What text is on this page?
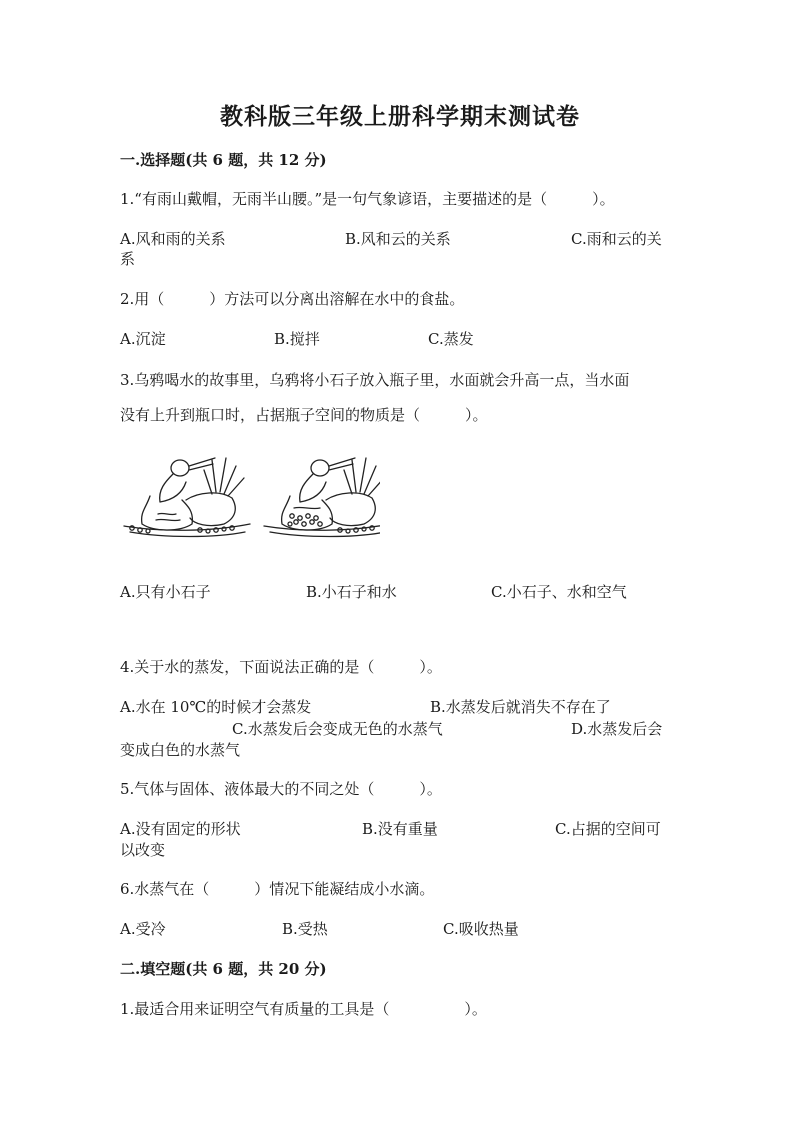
教科版三年级上册科学期末测试卷
一.选择题(共 6 题，共 12 分)
1.“有雨山戴帽，无雨半山腰。”是一句气象谚语，主要描述的是（　　　）。
A.风和雨的关系	B.风和云的关系	C.雨和云的关
系
2.用（　　　）方法可以分离出溶解在水中的食盐。
A.沉淀	B.搅拌	C.蒸发
3.乌鸦喝水的故事里，乌鸦将小石子放入瓶子里，水面就会升高一点，当水面
没有上升到瓶口时，占据瓶子空间的物质是（　　　）。
A.只有小石子	B.小石子和水	C.小石子、水和空气
4.关于水的蒸发，下面说法正确的是（　　　）。
A.水在 10℃的时候才会蒸发	B.水蒸发后就消失不存在了
C.水蒸发后会变成无色的水蒸气	D.水蒸发后会
变成白色的水蒸气
5.气体与固体、液体最大的不同之处（　　　）。
A.没有固定的形状	B.没有重量	C.占据的空间可
以改变
6.水蒸气在（　　　）情况下能凝结成小水滴。
A.受冷	B.受热	C.吸收热量
二.填空题(共 6 题，共 20 分)
1.最适合用来证明空气有质量的工具是（　　　　　）。
